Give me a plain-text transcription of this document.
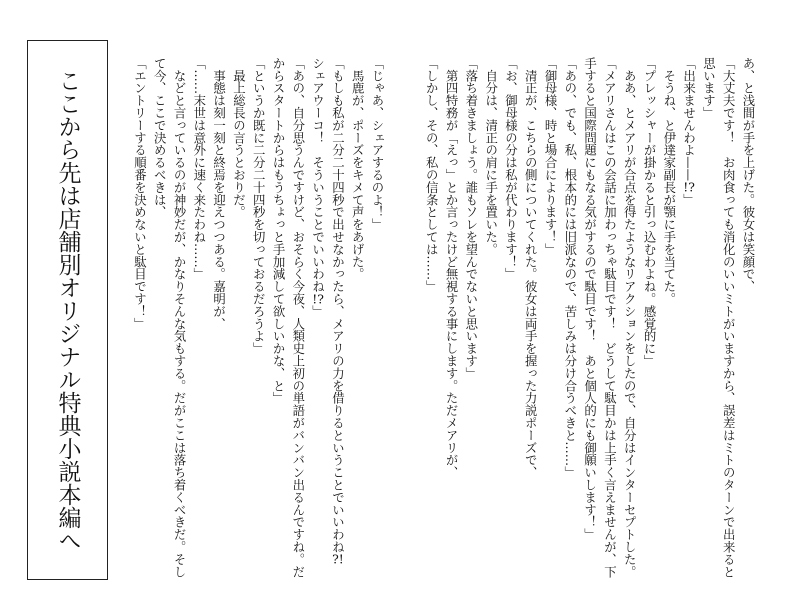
あ、と浅間が手を上げた。彼女は笑顔で、

「大丈夫です！　お肉食っても消化のいいミトがいますから、誤差はミトのターンで出来ると

思います」

「出来ませんわよ——!?」

　そうね、と伊達家副長が顎に手を当てた。

「プレッシャーが掛かると引っ込むわよね。感覚的に」

　ああ、とメアリが合点を得たようなリアクションをしたので、自分はインターセプトした。

「メアリさんはこの会話に加わっちゃ駄目です！　どうして駄目かは上手く言えませんが、下

手すると国際問題にもなる気がするので駄目です！　あと個人的にも御願いします！」

「あの、でも、私、根本的には旧派なので、苦しみは分け合うべきと……」

「御母様、時と場合によります！」

　清正が、こちらの側についてくれた。彼女は両手を握った力説ポーズで、

「お、御母様の分は私が代わります！」

　自分は、清正の肩に手を置いた。

「落ち着きましょう。誰もソレを望んでないと思います」

　第四特務が「えっ」とか言ったけど無視する事にします。ただメアリが、

「しかし、その、私の信条としては……」

「じゃあ、シェアするのよ！」

　馬鹿が、ポーズをキメて声をあげた。

「もしも私が二分二十四秒で出せなかったら、メアリの力を借りるということでいいわね?!

シェアウーコ！　そういうことでいいわね!?」

「あの、自分思うんですけど、おそらく今夜、人類史上初の単語がバンバン出るんですね。だ

からスタートからはもうちょっと手加減して欲しいかな、と」

「というか既に二分二十四秒を切っておるだろうよ」

　最上総長の言うとおりだ。

　事態は刻一刻と終焉を迎えつつある。嘉明が、

「……末世は意外に速く来たわね……」

　などと言っているのが神妙だが、かなりそんな気もする。だがここは落ち着くべきだ。そし

て今、ここで決めるべきは、

「エントリーする順番を決めないと駄目です！」

ここから先は店舗別オリジナル特典小説本編へ
